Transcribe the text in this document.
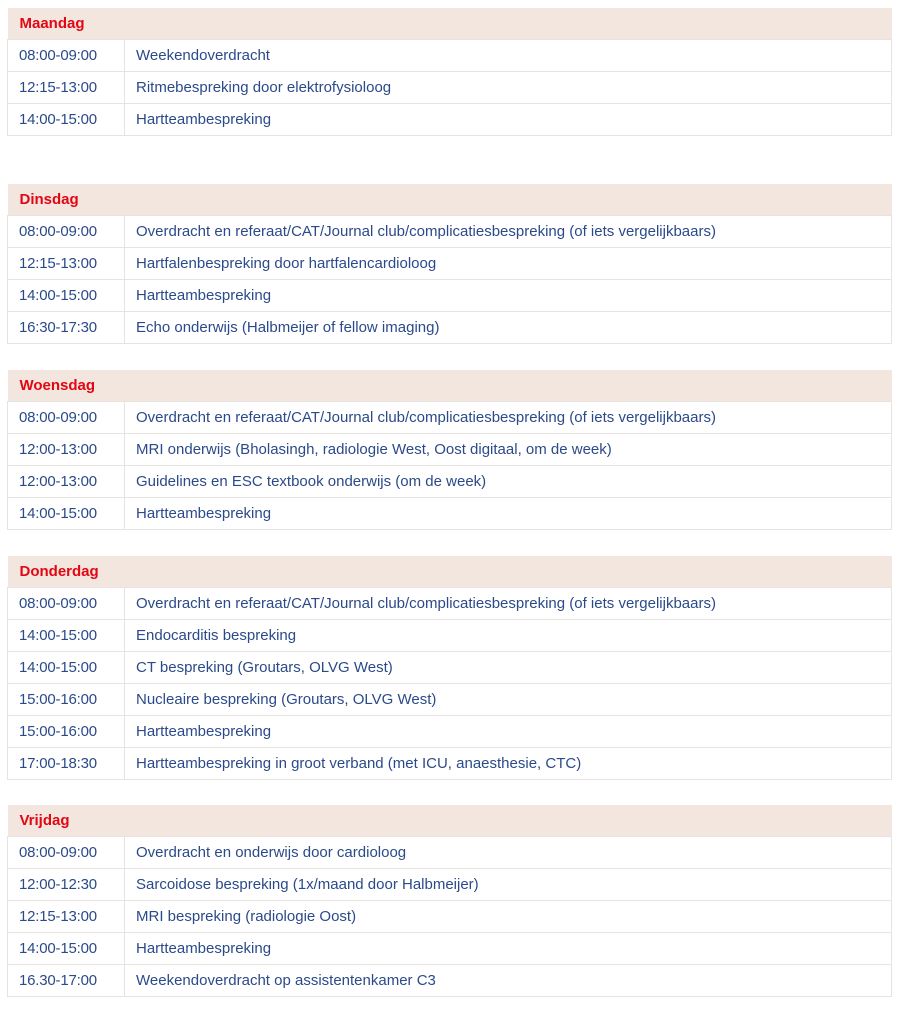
Maandag	
08:00-09:00	Weekendoverdracht
12:15-13:00	Ritmebespreking door elektrofysioloog
14:00-15:00	Hartteambespreking
Dinsdag	
08:00-09:00	Overdracht en referaat/CAT/Journal club/complicatiesbespreking (of iets vergelijkbaars)
12:15-13:00	Hartfalenbespreking door hartfalencardioloog
14:00-15:00	Hartteambespreking
16:30-17:30	Echo onderwijs (Halbmeijer of fellow imaging)
Woensdag	
08:00-09:00	Overdracht en referaat/CAT/Journal club/complicatiesbespreking (of iets vergelijkbaars)
12:00-13:00	MRI onderwijs (Bholasingh, radiologie West, Oost digitaal, om de week)
12:00-13:00	Guidelines en ESC textbook onderwijs (om de week)
14:00-15:00	Hartteambespreking
Donderdag	
08:00-09:00	Overdracht en referaat/CAT/Journal club/complicatiesbespreking (of iets vergelijkbaars)
14:00-15:00	Endocarditis bespreking
14:00-15:00	CT bespreking (Groutars, OLVG West)
15:00-16:00	Nucleaire bespreking (Groutars, OLVG West)
15:00-16:00	Hartteambespreking
17:00-18:30	Hartteambespreking in groot verband (met ICU, anaesthesie, CTC)
Vrijdag	
08:00-09:00	Overdracht en onderwijs door cardioloog
12:00-12:30	Sarcoidose bespreking (1x/maand door Halbmeijer)
12:15-13:00	MRI bespreking (radiologie Oost)
14:00-15:00	Hartteambespreking
16.30-17:00	Weekendoverdracht op assistentenkamer C3
